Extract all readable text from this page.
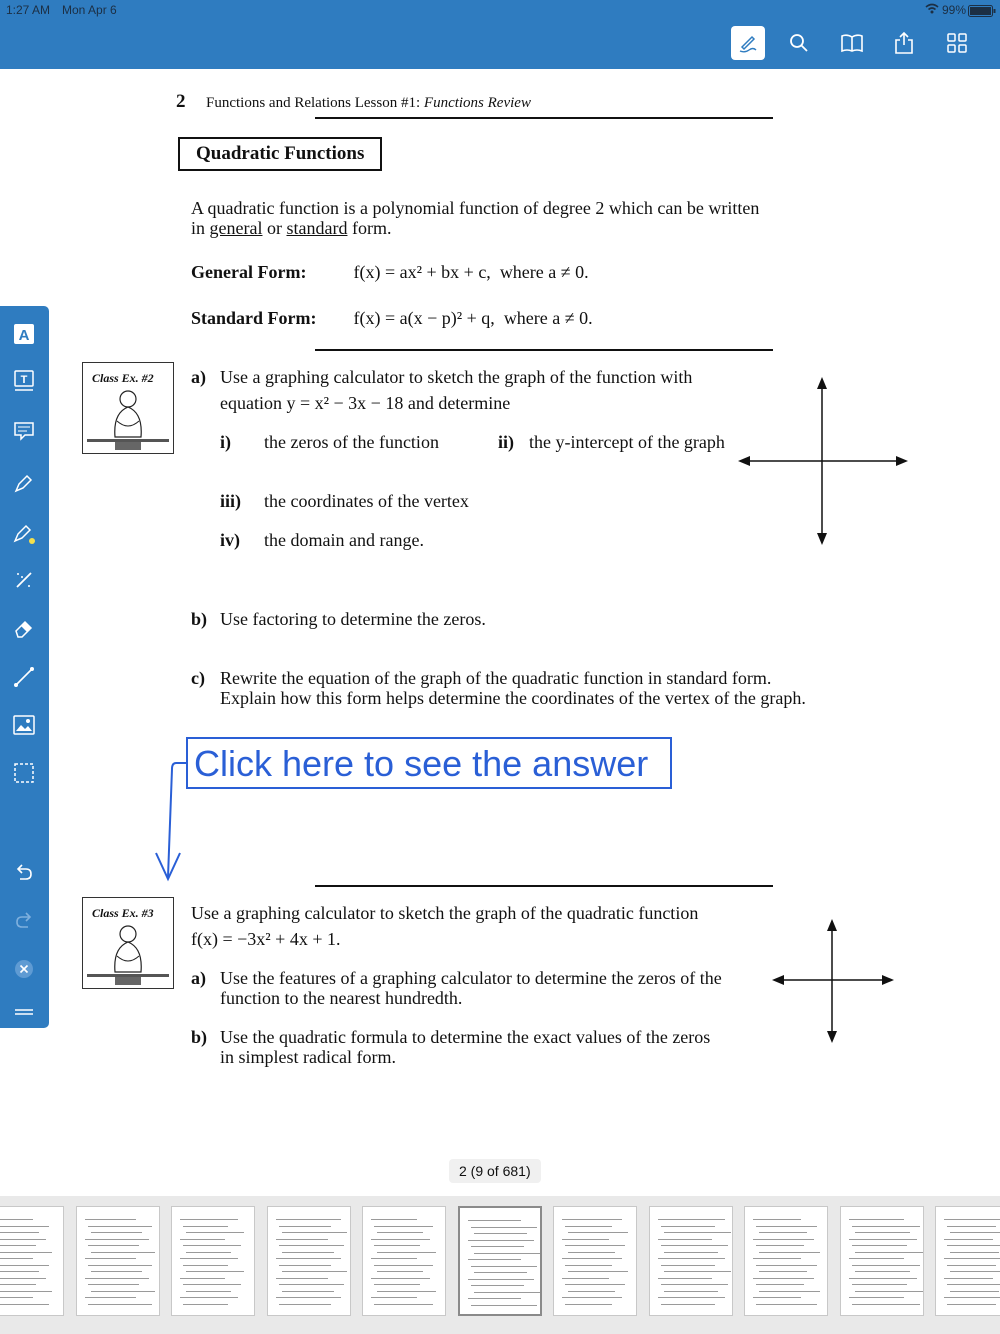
1:27 AM Mon Apr 6	99%
2 Functions and Relations Lesson #1: Functions Review
Quadratic Functions
A quadratic function is a polynomial function of degree 2 which can be written
in general or standard form.
General Form:	f(x) = ax² + bx + c, where a ≠ 0.
Standard Form: f(x) = a(x − p)² + q, where a ≠ 0.
Class Ex. #2 a) Use a graphing calculator to sketch the graph of the function with
equation y = x² − 3x − 18 and determine
i) the zeros of the function	ii) the y-intercept of the graph
iii) the coordinates of the vertex
iv) the domain and range.
b) Use factoring to determine the zeros.
c) Rewrite the equation of the graph of the quadratic function in standard form.
Explain how this form helps determine the coordinates of the vertex of the graph.
Click here to see the answer
Class Ex. #3 Use a graphing calculator to sketch the graph of the quadratic function
f(x) = −3x² + 4x + 1.
a) Use the features of a graphing calculator to determine the zeros of the
function to the nearest hundredth.
b) Use the quadratic formula to determine the exact values of the zeros
in simplest radical form.
A
T
2 (9 of 681)
